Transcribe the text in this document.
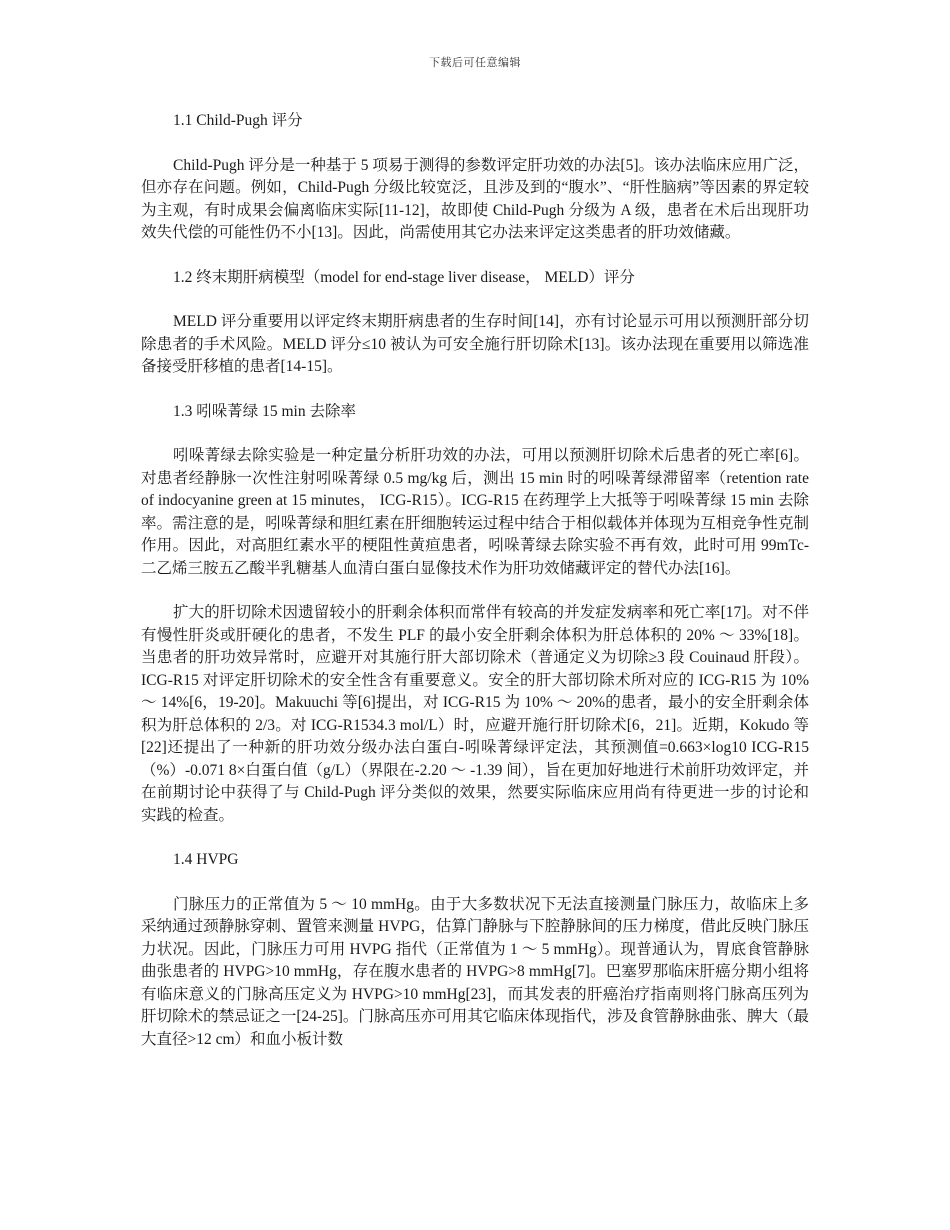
下载后可任意编辑
1.1 Child-Pugh 评分

Child-Pugh 评分是一种基于 5 项易于测得的参数评定肝功效的办法[5]。该办法临床应用广泛，但亦存在问题。例如，Child-Pugh 分级比较宽泛，且涉及到的“腹水”、“肝性脑病”等因素的界定较为主观，有时成果会偏离临床实际[11-12]，故即使 Child-Pugh 分级为 A 级，患者在术后出现肝功效失代偿的可能性仍不小[13]。因此，尚需使用其它办法来评定这类患者的肝功效储藏。

1.2 终末期肝病模型（model for end-stage liver disease， MELD）评分

MELD 评分重要用以评定终末期肝病患者的生存时间[14]，亦有讨论显示可用以预测肝部分切除患者的手术风险。MELD 评分≤10 被认为可安全施行肝切除术[13]。该办法现在重要用以筛选准备接受肝移植的患者[14-15]。

1.3 吲哚菁绿 15 min 去除率

吲哚菁绿去除实验是一种定量分析肝功效的办法，可用以预测肝切除术后患者的死亡率[6]。对患者经静脉一次性注射吲哚菁绿 0.5 mg/kg 后，测出 15 min 时的吲哚菁绿滞留率（retention rate of indocyanine green at 15 minutes， ICG-R15）。ICG-R15 在药理学上大抵等于吲哚菁绿 15 min 去除率。需注意的是，吲哚菁绿和胆红素在肝细胞转运过程中结合于相似载体并体现为互相竞争性克制作用。因此，对高胆红素水平的梗阻性黄疸患者，吲哚菁绿去除实验不再有效，此时可用 99mTc-二乙烯三胺五乙酸半乳糖基人血清白蛋白显像技术作为肝功效储藏评定的替代办法[16]。

扩大的肝切除术因遗留较小的肝剩余体积而常伴有较高的并发症发病率和死亡率[17]。对不伴有慢性肝炎或肝硬化的患者，不发生 PLF 的最小安全肝剩余体积为肝总体积的 20% ～ 33%[18]。当患者的肝功效异常时，应避开对其施行肝大部切除术（普通定义为切除≥3 段 Couinaud 肝段）。ICG-R15 对评定肝切除术的安全性含有重要意义。安全的肝大部切除术所对应的 ICG-R15 为 10% ～ 14%[6，19-20]。Makuuchi 等[6]提出，对 ICG-R15 为 10% ～ 20%的患者，最小的安全肝剩余体积为肝总体积的 2/3。对 ICG-R1534.3 mol/L）时，应避开施行肝切除术[6，21]。近期，Kokudo 等[22]还提出了一种新的肝功效分级办法白蛋白-吲哚菁绿评定法，其预测值=0.663×log10 ICG-R15（%）-0.071 8×白蛋白值（g/L）（界限在-2.20 ～ -1.39 间），旨在更加好地进行术前肝功效评定，并在前期讨论中获得了与 Child-Pugh 评分类似的效果，然要实际临床应用尚有待更进一步的讨论和实践的检查。

1.4 HVPG

门脉压力的正常值为 5 ～ 10 mmHg。由于大多数状况下无法直接测量门脉压力，故临床上多采纳通过颈静脉穿刺、置管来测量 HVPG，估算门静脉与下腔静脉间的压力梯度，借此反映门脉压力状况。因此，门脉压力可用 HVPG 指代（正常值为 1 ～ 5 mmHg）。现普通认为，胃底食管静脉曲张患者的 HVPG>10 mmHg，存在腹水患者的 HVPG>8 mmHg[7]。巴塞罗那临床肝癌分期小组将有临床意义的门脉高压定义为 HVPG>10 mmHg[23]，而其发表的肝癌治疗指南则将门脉高压列为肝切除术的禁忌证之一[24-25]。门脉高压亦可用其它临床体现指代，涉及食管静脉曲张、脾大（最大直径>12 cm）和血小板计数
